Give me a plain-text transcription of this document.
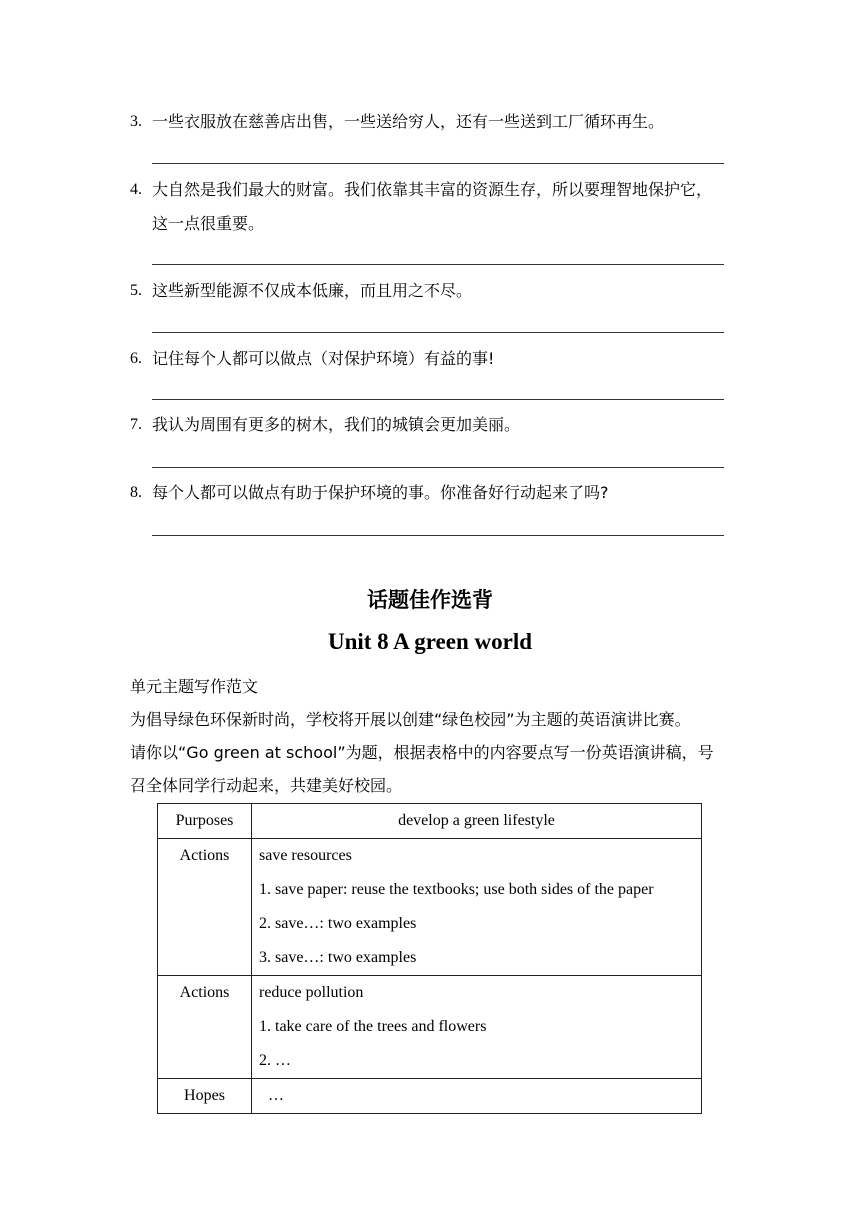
3. 一些衣服放在慈善店出售，一些送给穷人，还有一些送到工厂循环再生。
4. 大自然是我们最大的财富。我们依靠其丰富的资源生存，所以要理智地保护它，
这一点很重要。
5. 这些新型能源不仅成本低廉，而且用之不尽。
6. 记住每个人都可以做点（对保护环境）有益的事!
7. 我认为周围有更多的树木，我们的城镇会更加美丽。
8. 每个人都可以做点有助于保护环境的事。你准备好行动起来了吗?
话题佳作选背
Unit 8 A green world

单元主题写作范文

为倡导绿色环保新时尚，学校将开展以创建“绿色校园”为主题的英语演讲比赛。

请你以“Go green at school”为题，根据表格中的内容要点写一份英语演讲稿，号

召全体同学行动起来，共建美好校园。

Purposes	develop a green lifestyle

Actions	save resources
1. save paper: reuse the textbooks; use both sides of the paper
2. save…: two examples
3. save…: two examples

Actions	reduce pollution
1. take care of the trees and flowers
2. …

Hopes	…
